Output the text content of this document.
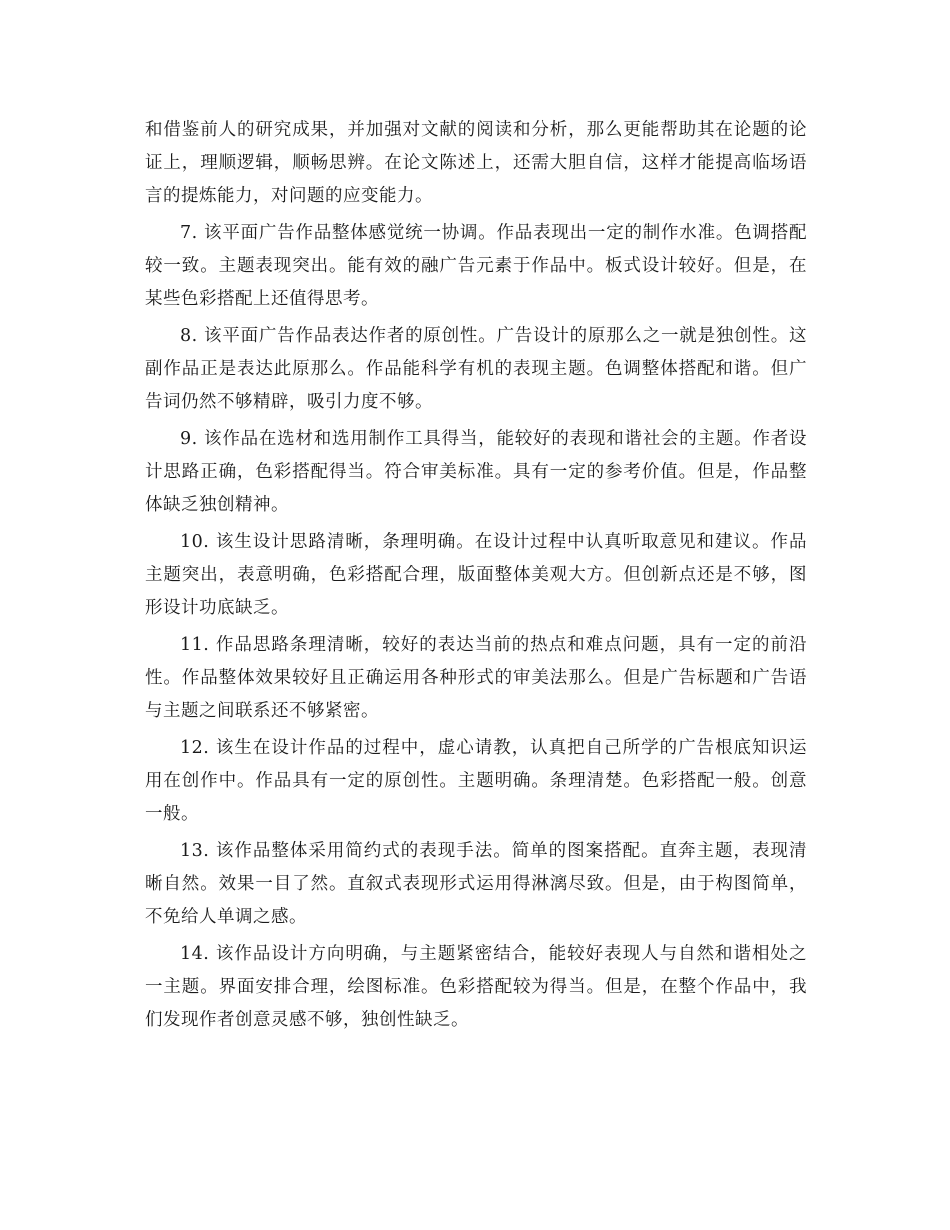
和借鉴前人的研究成果，并加强对文献的阅读和分析，那么更能帮助其在论题的论证上，理顺逻辑，顺畅思辨。在论文陈述上，还需大胆自信，这样才能提高临场语言的提炼能力，对问题的应变能力。

7. 该平面广告作品整体感觉统一协调。作品表现出一定的制作水准。色调搭配较一致。主题表现突出。能有效的融广告元素于作品中。板式设计较好。但是，在某些色彩搭配上还值得思考。

8. 该平面广告作品表达作者的原创性。广告设计的原那么之一就是独创性。这副作品正是表达此原那么。作品能科学有机的表现主题。色调整体搭配和谐。但广告词仍然不够精辟，吸引力度不够。

9. 该作品在选材和选用制作工具得当，能较好的表现和谐社会的主题。作者设计思路正确，色彩搭配得当。符合审美标准。具有一定的参考价值。但是，作品整体缺乏独创精神。

10. 该生设计思路清晰，条理明确。在设计过程中认真听取意见和建议。作品主题突出，表意明确，色彩搭配合理，版面整体美观大方。但创新点还是不够，图形设计功底缺乏。

11. 作品思路条理清晰，较好的表达当前的热点和难点问题，具有一定的前沿性。作品整体效果较好且正确运用各种形式的审美法那么。但是广告标题和广告语与主题之间联系还不够紧密。

12. 该生在设计作品的过程中，虚心请教，认真把自己所学的广告根底知识运用在创作中。作品具有一定的原创性。主题明确。条理清楚。色彩搭配一般。创意一般。

13. 该作品整体采用简约式的表现手法。简单的图案搭配。直奔主题，表现清晰自然。效果一目了然。直叙式表现形式运用得淋漓尽致。但是，由于构图简单，不免给人单调之感。

14. 该作品设计方向明确，与主题紧密结合，能较好表现人与自然和谐相处之一主题。界面安排合理，绘图标准。色彩搭配较为得当。但是，在整个作品中，我们发现作者创意灵感不够，独创性缺乏。
